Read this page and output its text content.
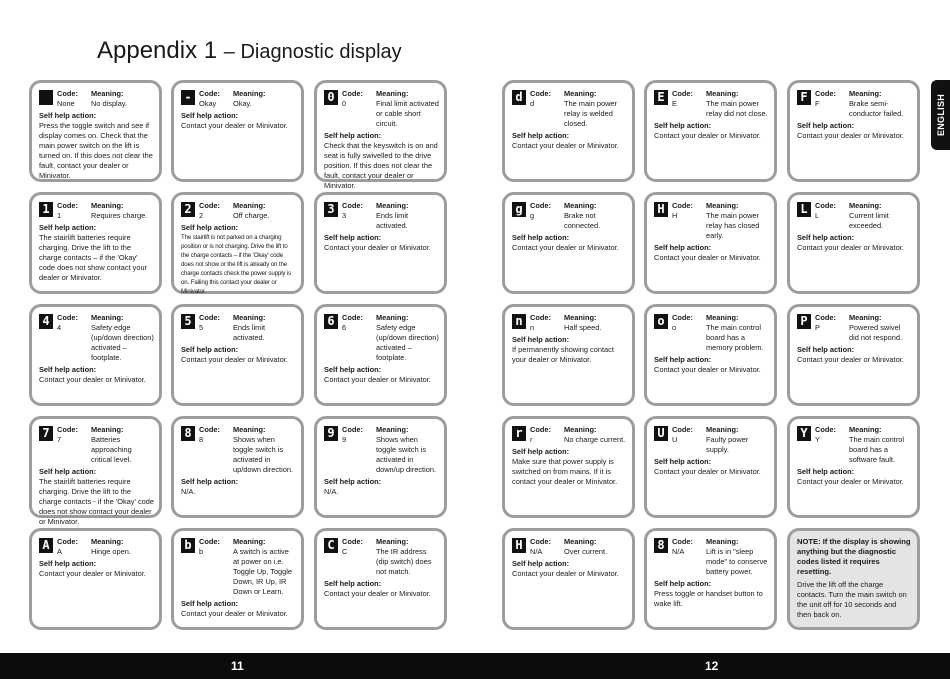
Appendix 1 – Diagnostic display
ENGLISH
Code:
None
Meaning:
No display.
Self help action:
Press the toggle switch and see if display comes on. Check that the main power switch on the lift is turned on. If this does not clear the fault, contact your dealer or Minivator.
- Code:
Okay
Meaning:
Okay.
Self help action:
Contact your dealer or Minivator.
0 Code:
0
Meaning:
Final limit activated or cable short circuit.
Self help action:
Check that the keyswitch is on and seat is fully swivelled to the drive position. If this does not clear the fault, contact your dealer or Minivator.
1 Code:
1
Meaning:
Requires charge.
Self help action:
The stairlift batteries require charging. Drive the lift to the charge contacts – if the 'Okay' code does not show contact your dealer or Minivator.
2 Code:
2
Meaning:
Off charge.
Self help action:
The stairlift is not parked on a charging position or is not charging. Drive the lift to the charge contacts – if the 'Okay' code does not show or the lift is already on the charge contacts check the power supply is on. Failing this contact your dealer or Minivator.
3 Code:
3
Meaning:
Ends limit activated.
Self help action:
Contact your dealer or Minivator.
4 Code:
4
Meaning:
Safety edge (up/down direction) activated – footplate.
Self help action:
Contact your dealer or Minivator.
5 Code:
5
Meaning:
Ends limit activated.
Self help action:
Contact your dealer or Minivator.
6 Code:
6
Meaning:
Safety edge (up/down direction) activated – footplate.
Self help action:
Contact your dealer or Minivator.
7 Code:
7
Meaning:
Batteries approaching critical level.
Self help action:
The stairlift batteries require charging. Drive the lift to the charge contacts - if the 'Okay' code does not show contact your dealer or Minivator.
8 Code:
8
Meaning:
Shows when toggle switch is activated in up/down direction.
Self help action:
N/A.
9 Code:
9
Meaning:
Shows when toggle switch is activated in down/up direction.
Self help action:
N/A.
A Code:
A
Meaning:
Hinge open.
Self help action:
Contact your dealer or Minivator.
b Code:
b
Meaning:
A switch is active at power on i.e. Toggle Up, Toggle Down, IR Up, IR Down or Learn.
Self help action:
Contact your dealer or Minivator.
C Code:
C
Meaning:
The IR address (dip switch) does not match.
Self help action:
Contact your dealer or Minivator.
d Code:
d
Meaning:
The main power relay is welded closed.
Self help action:
Contact your dealer or Minivator.
E Code:
E
Meaning:
The main power relay did not close.
Self help action:
Contact your dealer or Minivator.
F Code:
F
Meaning:
Brake semi-conductor failed.
Self help action:
Contact your dealer or Minivator.
g Code:
g
Meaning:
Brake not connected.
Self help action:
Contact your dealer or Minivator.
H Code:
H
Meaning:
The main power relay has closed early.
Self help action:
Contact your dealer or Minivator.
L Code:
L
Meaning:
Current limit exceeded.
Self help action:
Contact your dealer or Minivator.
n Code:
n
Meaning:
Half speed.
Self help action:
If permanently showing contact your dealer or Minivator.
o Code:
o
Meaning:
The main control board has a memory problem.
Self help action:
Contact your dealer or Minivator.
P Code:
P
Meaning:
Powered swivel did not respond.
Self help action:
Contact your dealer or Minivator.
r Code:
r
Meaning:
No charge current.
Self help action:
Make sure that power supply is switched on from mains. If it is contact your dealer or Minivator.
U Code:
U
Meaning:
Faulty power supply.
Self help action:
Contact your dealer or Minivator.
Y Code:
Y
Meaning:
The main control board has a software fault.
Self help action:
Contact your dealer or Minivator.
H Code:
N/A
Meaning:
Over current.
Self help action:
Contact your dealer or Minivator.
8 Code:
N/A
Meaning:
Lift is in "sleep mode" to conserve battery power.
Self help action:
Press toggle or handset button to wake lift.
NOTE: If the display is showing anything but the diagnostic codes listed it requires resetting.
Drive the lift off the charge contacts. Turn the main switch on the unit off for 10 seconds and then back on.
11	12
